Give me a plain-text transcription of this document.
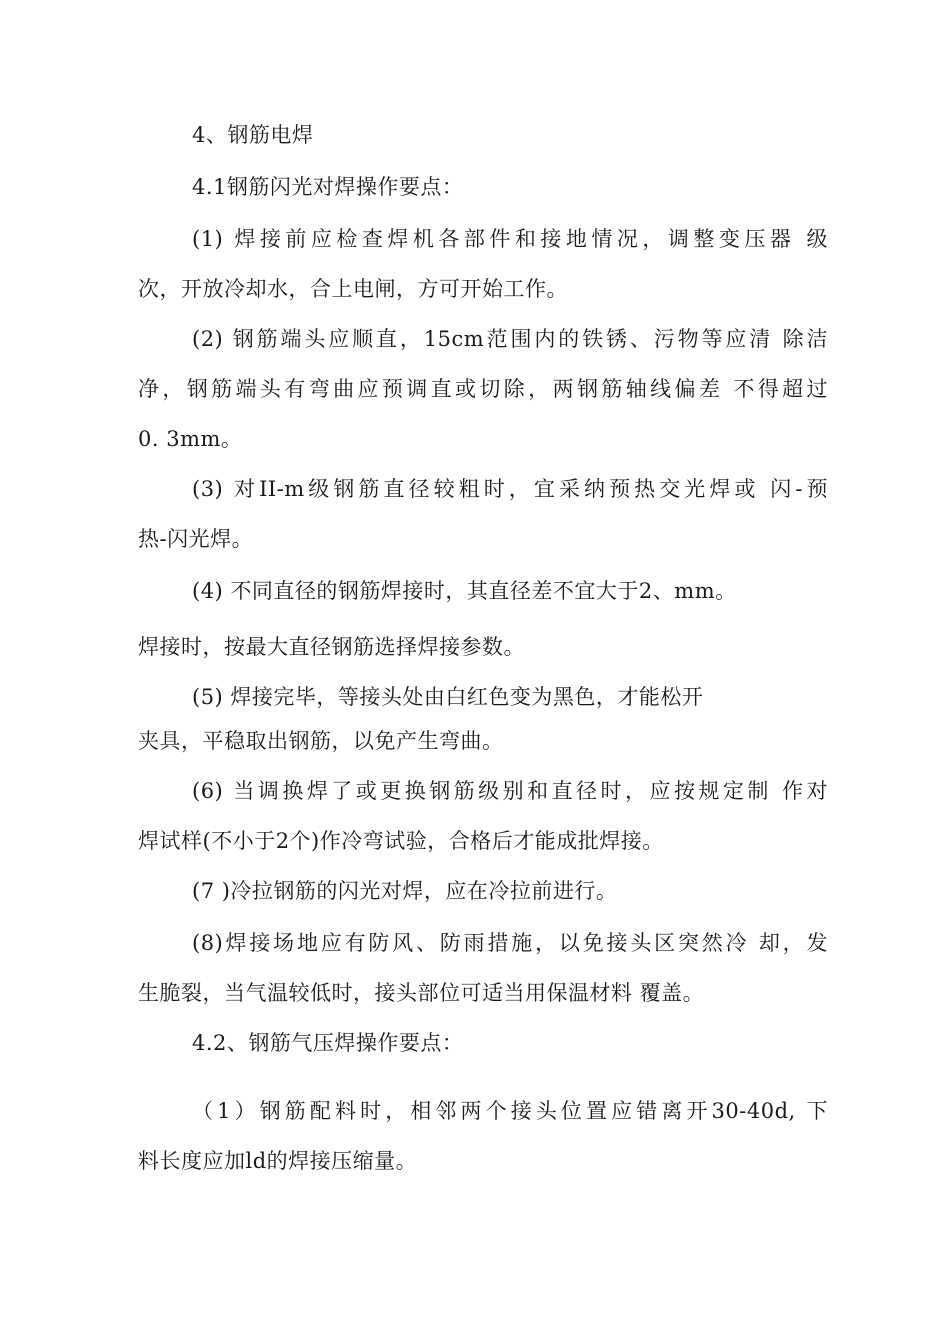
4、钢筋电焊
4.1钢筋闪光对焊操作要点：
(1) 焊接前应检查焊机各部件和接地情况，调整变压器 级
次，开放冷却水，合上电闸，方可开始工作。
(2) 钢筋端头应顺直，15cm范围内的铁锈、污物等应清 除洁
净，钢筋端头有弯曲应预调直或切除，两钢筋轴线偏差 不得超过
0. 3mm。
(3) 对II-m级钢筋直径较粗时，宜采纳预热交光焊或 闪-预
热-闪光焊。
(4) 不同直径的钢筋焊接时，其直径差不宜大于2、mm。
焊接时，按最大直径钢筋选择焊接参数。
(5) 焊接完毕，等接头处由白红色变为黑色，才能松开
夹具，平稳取出钢筋，以免产生弯曲。
(6) 当调换焊了或更换钢筋级别和直径时，应按规定制 作对
焊试样(不小于2个)作冷弯试验，合格后才能成批焊接。
(7 )冷拉钢筋的闪光对焊，应在冷拉前进行。
(8)焊接场地应有防风、防雨措施，以免接头区突然冷 却，发
生脆裂，当气温较低时，接头部位可适当用保温材料 覆盖。
4.2、钢筋气压焊操作要点：
（1）钢筋配料时，相邻两个接头位置应错离开30-40d, 下
料长度应加ld的焊接压缩量。
